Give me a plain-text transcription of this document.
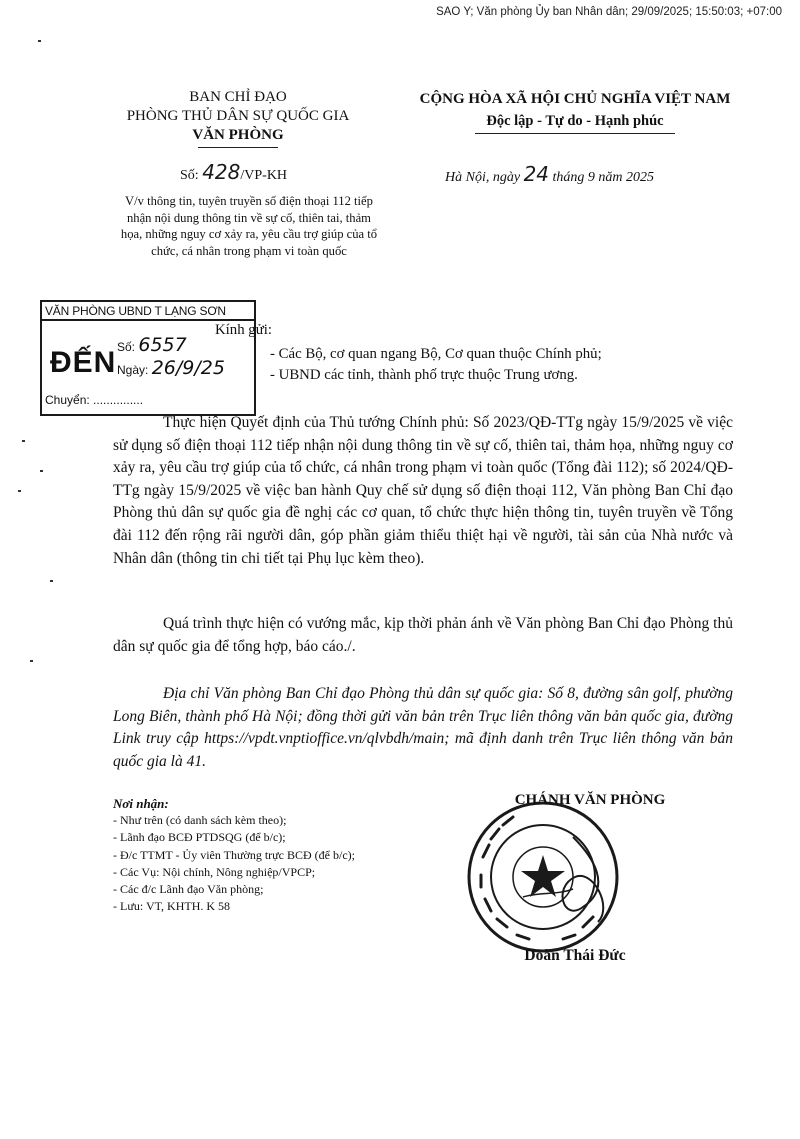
SAO Y; Văn phòng Ủy ban Nhân dân; 29/09/2025; 15:50:03; +07:00
BAN CHỈ ĐẠO
PHÒNG THỦ DÂN SỰ QUỐC GIA
VĂN PHÒNG
CỘNG HÒA XÃ HỘI CHỦ NGHĨA VIỆT NAM
Độc lập - Tự do - Hạnh phúc
Số: 428/VP-KH	Hà Nội, ngày 24 tháng 9 năm 2025
V/v thông tin, tuyên truyền số điện thoại 112 tiếp nhận nội dung thông tin về sự cố, thiên tai, thảm họa, những nguy cơ xảy ra, yêu cầu trợ giúp của tổ chức, cá nhân trong phạm vi toàn quốc
VĂN PHÒNG UBND T LẠNG SƠN
ĐẾN Số: 6557
Ngày: 26/9/25
Chuyển: ...............
Kính gửi:
- Các Bộ, cơ quan ngang Bộ, Cơ quan thuộc Chính phủ;
- UBND các tỉnh, thành phố trực thuộc Trung ương.
Thực hiện Quyết định của Thủ tướng Chính phủ: Số 2023/QĐ-TTg ngày 15/9/2025 về việc sử dụng số điện thoại 112 tiếp nhận nội dung thông tin về sự cố, thiên tai, thảm họa, những nguy cơ xảy ra, yêu cầu trợ giúp của tổ chức, cá nhân trong phạm vi toàn quốc (Tổng đài 112); số 2024/QĐ-TTg ngày 15/9/2025 về việc ban hành Quy chế sử dụng số điện thoại 112, Văn phòng Ban Chỉ đạo Phòng thủ dân sự quốc gia đề nghị các cơ quan, tổ chức thực hiện thông tin, tuyên truyền về Tổng đài 112 đến rộng rãi người dân, góp phần giảm thiểu thiệt hại về người, tài sản của Nhà nước và Nhân dân (thông tin chi tiết tại Phụ lục kèm theo).
Quá trình thực hiện có vướng mắc, kịp thời phản ánh về Văn phòng Ban Chỉ đạo Phòng thủ dân sự quốc gia để tổng hợp, báo cáo./.
Địa chỉ Văn phòng Ban Chỉ đạo Phòng thủ dân sự quốc gia: Số 8, đường sân golf, phường Long Biên, thành phố Hà Nội; đồng thời gửi văn bản trên Trục liên thông văn bản quốc gia, đường Link truy cập https://vpdt.vnptioffice.vn/qlvbdh/main; mã định danh trên Trục liên thông văn bản quốc gia là 41.
Nơi nhận:
- Như trên (có danh sách kèm theo);
- Lãnh đạo BCĐ PTDSQG (để b/c);
- Đ/c TTMT - Ủy viên Thường trực BCĐ (để b/c);
- Các Vụ: Nội chính, Nông nghiệp/VPCP;
- Các đ/c Lãnh đạo Văn phòng;
- Lưu: VT, KHTH. K 58
CHÁNH VĂN PHÒNG
Doãn Thái Đức
